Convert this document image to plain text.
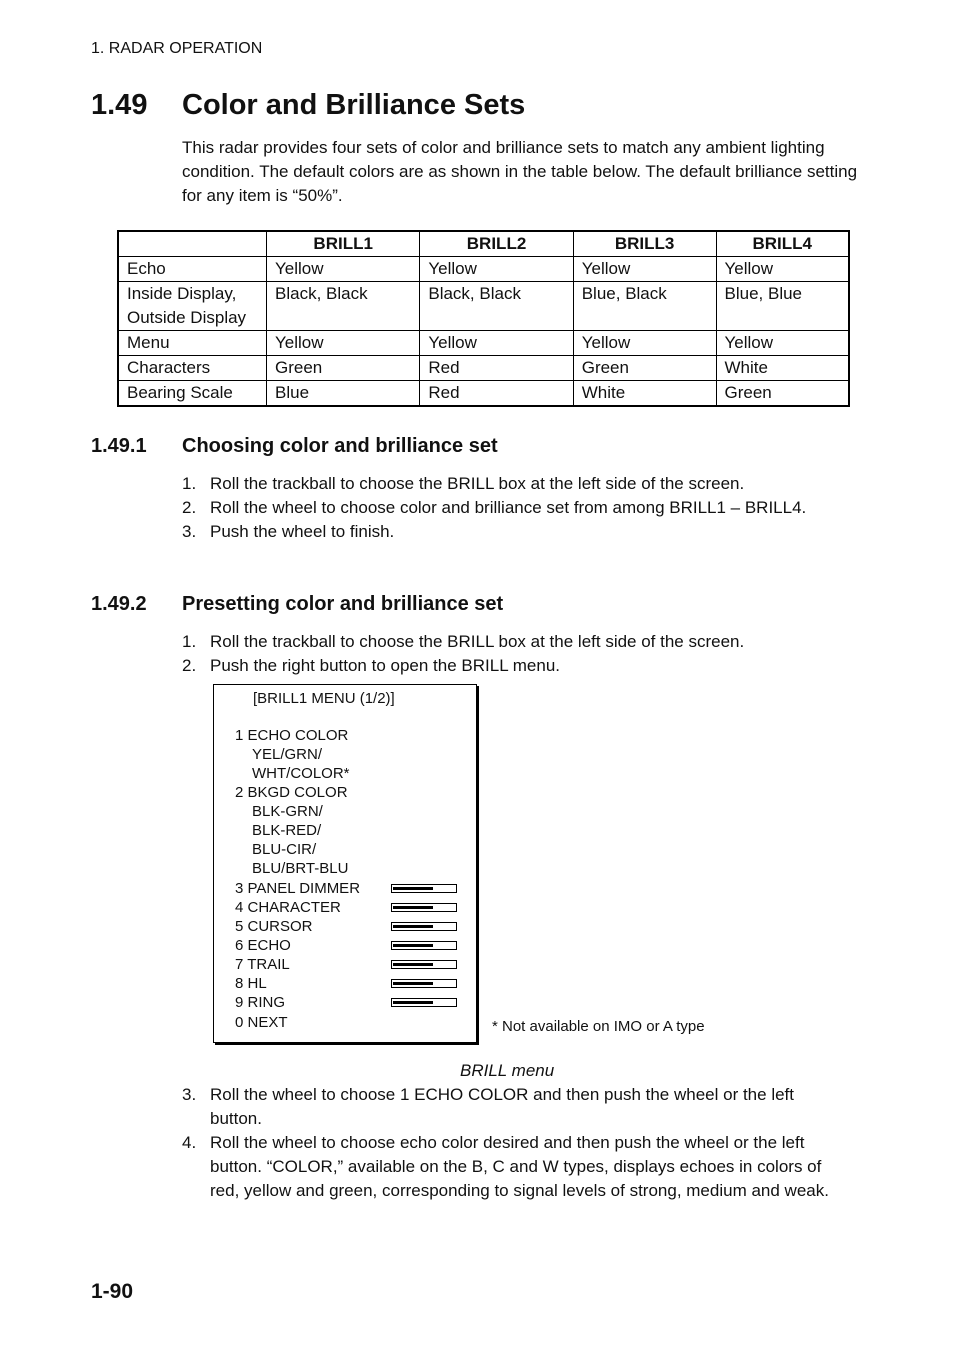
1. RADAR OPERATION
1.49 Color and Brilliance Sets
This radar provides four sets of color and brilliance sets to match any ambient lighting condition. The default colors are as shown in the table below. The default brilliance setting for any item is “50%”.
	BRILL1	BRILL2	BRILL3	BRILL4
Echo	Yellow	Yellow	Yellow	Yellow
Inside Display, Outside Display	Black, Black	Black, Black	Blue, Black	Blue, Blue
Menu	Yellow	Yellow	Yellow	Yellow
Characters	Green	Red	Green	White
Bearing Scale	Blue	Red	White	Green
1.49.1 Choosing color and brilliance set
1. Roll the trackball to choose the BRILL box at the left side of the screen.
2. Roll the wheel to choose color and brilliance set from among BRILL1 – BRILL4.
3. Push the wheel to finish.
1.49.2 Presetting color and brilliance set
1. Roll the trackball to choose the BRILL box at the left side of the screen.
2. Push the right button to open the BRILL menu.
[BRILL1 MENU (1/2)]
1 ECHO COLOR
YEL/GRN/
WHT/COLOR*
2 BKGD COLOR
BLK-GRN/
BLK-RED/
BLU-CIR/
BLU/BRT-BLU
3 PANEL DIMMER
4 CHARACTER
5 CURSOR
6 ECHO
7 TRAIL
8 HL
9 RING
0 NEXT	* Not available on IMO or A type
BRILL menu
3. Roll the wheel to choose 1 ECHO COLOR and then push the wheel or the left button.
4. Roll the wheel to choose echo color desired and then push the wheel or the left button. “COLOR,” available on the B, C and W types, displays echoes in colors of red, yellow and green, corresponding to signal levels of strong, medium and weak.
1-90
